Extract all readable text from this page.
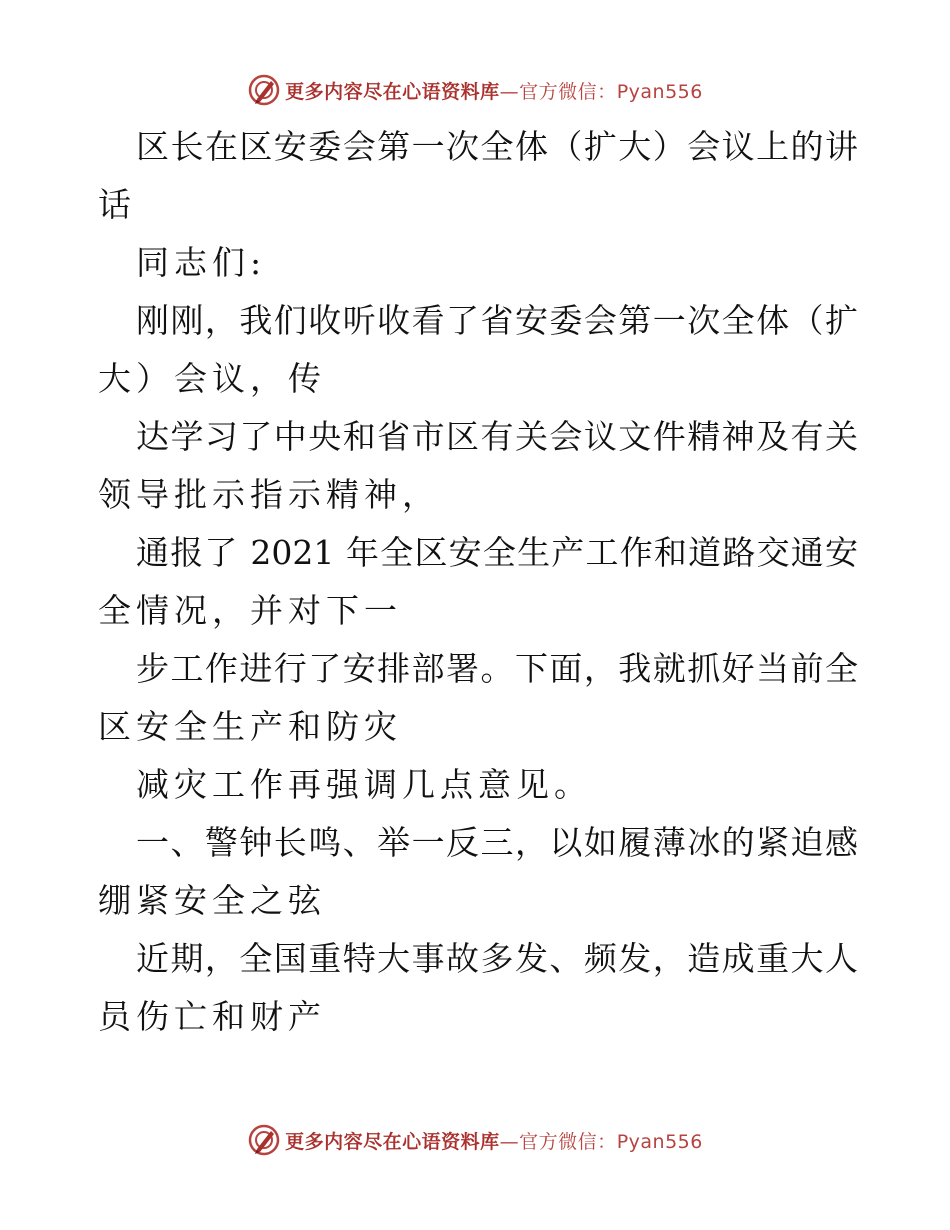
更多内容尽在心语资料库—官方微信：Pyan556
区长在区安委会第一次全体（扩大）会议上的讲
话
同志们:
刚刚，我们收听收看了省安委会第一次全体（扩
大）会议，传
达学习了中央和省市区有关会议文件精神及有关
领导批示指示精神，
通报了 2021 年全区安全生产工作和道路交通安
全情况，并对下一
步工作进行了安排部署。下面，我就抓好当前全
区安全生产和防灾
减灾工作再强调几点意见。
一、警钟长鸣、举一反三，以如履薄冰的紧迫感
绷紧安全之弦
近期，全国重特大事故多发、频发，造成重大人
员伤亡和财产
更多内容尽在心语资料库—官方微信：Pyan556
